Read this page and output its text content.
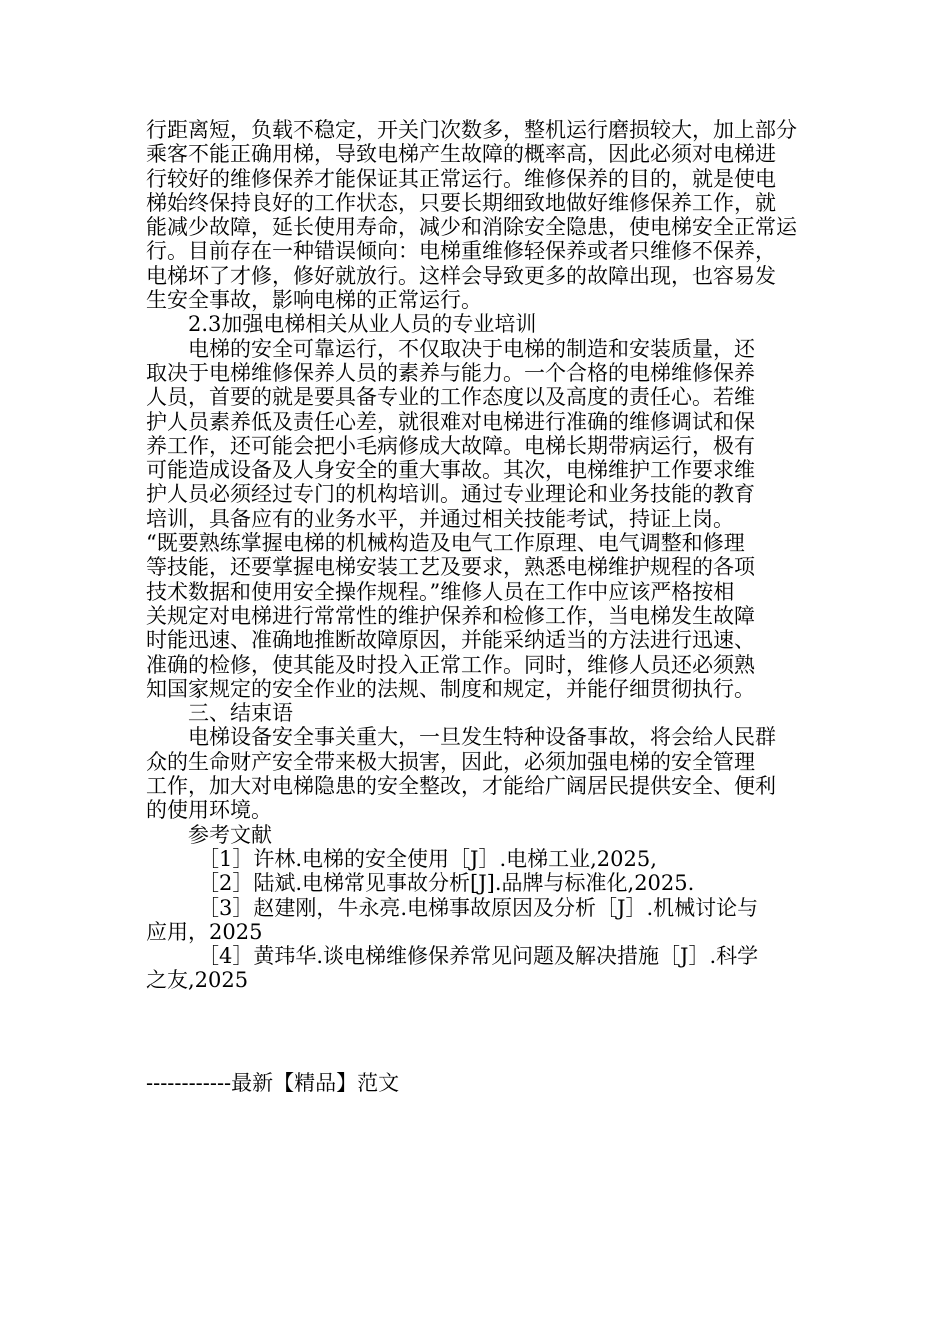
行距离短，负载不稳定，开关门次数多，整机运行磨损较大，加上部分
乘客不能正确用梯，导致电梯产生故障的概率高，因此必须对电梯进
行较好的维修保养才能保证其正常运行。维修保养的目的，就是使电
梯始终保持良好的工作状态，只要长期细致地做好维修保养工作，就
能减少故障，延长使用寿命，减少和消除安全隐患，使电梯安全正常运
行。目前存在一种错误倾向：电梯重维修轻保养或者只维修不保养，
电梯坏了才修，修好就放行。这样会导致更多的故障出现，也容易发
生安全事故，影响电梯的正常运行。
2.3加强电梯相关从业人员的专业培训
电梯的安全可靠运行，不仅取决于电梯的制造和安装质量，还
取决于电梯维修保养人员的素养与能力。一个合格的电梯维修保养
人员，首要的就是要具备专业的工作态度以及高度的责任心。若维
护人员素养低及责任心差，就很难对电梯进行准确的维修调试和保
养工作，还可能会把小毛病修成大故障。电梯长期带病运行，极有
可能造成设备及人身安全的重大事故。其次，电梯维护工作要求维
护人员必须经过专门的机构培训。通过专业理论和业务技能的教育
培训，具备应有的业务水平，并通过相关技能考试，持证上岗。
“既要熟练掌握电梯的机械构造及电气工作原理、电气调整和修理
等技能，还要掌握电梯安装工艺及要求，熟悉电梯维护规程的各项
技术数据和使用安全操作规程。”维修人员在工作中应该严格按相
关规定对电梯进行常常性的维护保养和检修工作，当电梯发生故障
时能迅速、准确地推断故障原因，并能采纳适当的方法进行迅速、
准确的检修，使其能及时投入正常工作。同时，维修人员还必须熟
知国家规定的安全作业的法规、制度和规定，并能仔细贯彻执行。
三、结束语
电梯设备安全事关重大，一旦发生特种设备事故，将会给人民群
众的生命财产安全带来极大损害，因此，必须加强电梯的安全管理
工作，加大对电梯隐患的安全整改，才能给广阔居民提供安全、便利
的使用环境。
参考文献
［1］许林.电梯的安全使用［J］.电梯工业,2025,
［2］陆斌.电梯常见事故分析[J].品牌与标准化,2025.
［3］赵建刚，牛永亮.电梯事故原因及分析［J］.机械讨论与
应用，2025
［4］黄玮华.谈电梯维修保养常见问题及解决措施［J］.科学
之友,2025
------------最新【精品】范文
